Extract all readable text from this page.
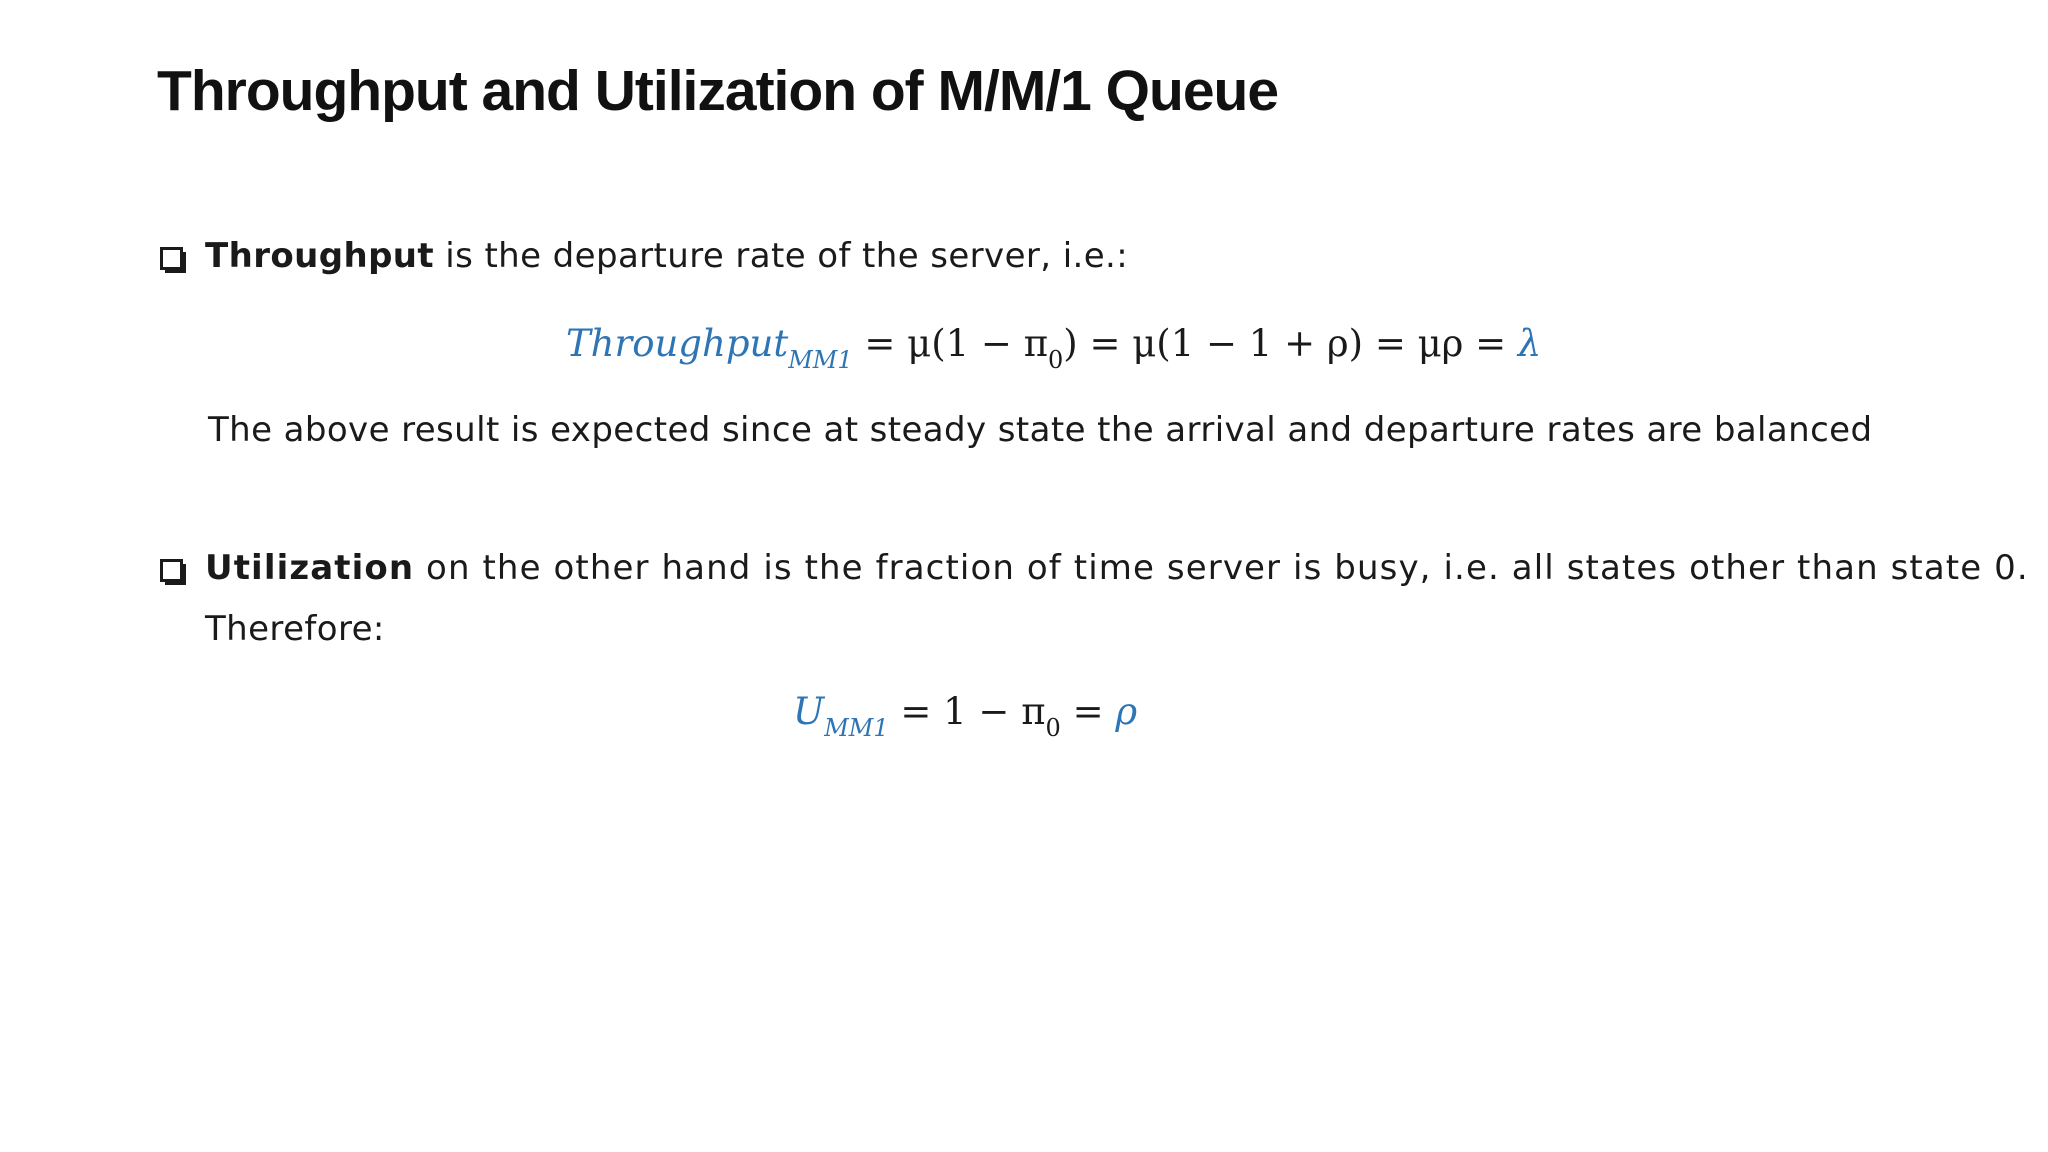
Throughput and Utilization of M/M/1 Queue
Throughput is the departure rate of the server, i.e.:
Throughput$_{MM1}$ = $\mu(1 - \pi_0) = \mu(1 - 1 + \rho) = \mu\rho = \lambda$
The above result is expected since at steady state the arrival and departure rates are balanced
Utilization on the other hand is the fraction of time server is busy, i.e. all states other than state 0.
Therefore:
$U_{MM1} = 1 - \pi_0 = \rho$
